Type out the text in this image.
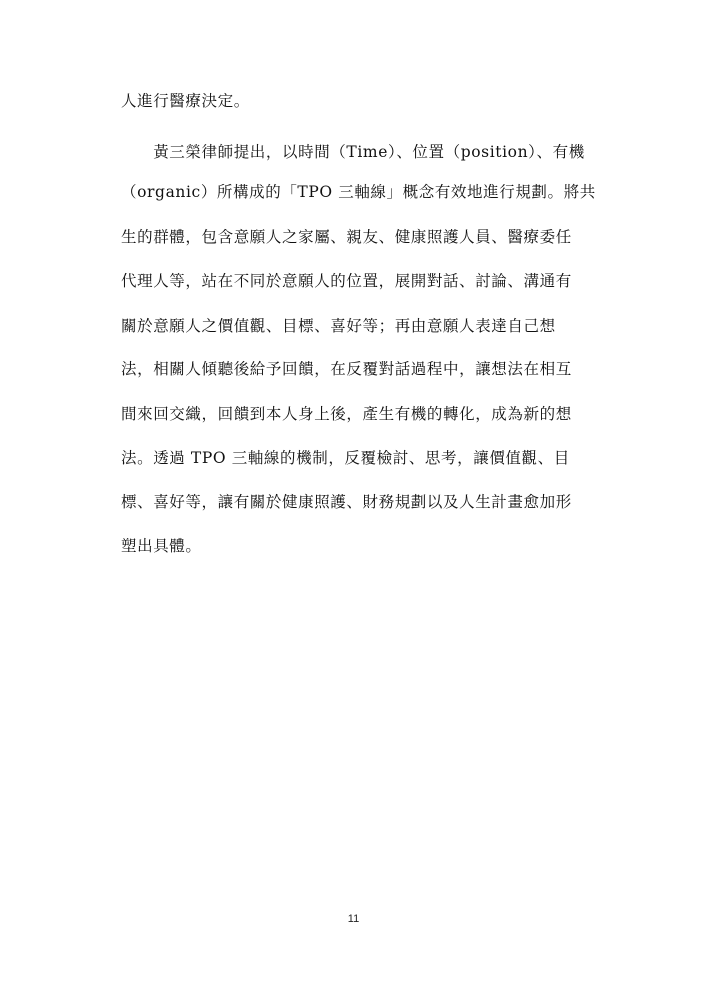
人進行醫療決定。
　　黃三榮律師提出，以時間（Time）、位置（position）、有機
（organic）所構成的「TPO 三軸線」概念有效地進行規劃。將共
生的群體，包含意願人之家屬、親友、健康照護人員、醫療委任
代理人等，站在不同於意願人的位置，展開對話、討論、溝通有
關於意願人之價值觀、目標、喜好等；再由意願人表達自己想
法，相關人傾聽後給予回饋，在反覆對話過程中，讓想法在相互
間來回交織，回饋到本人身上後，產生有機的轉化，成為新的想
法。透過 TPO 三軸線的機制，反覆檢討、思考，讓價值觀、目
標、喜好等，讓有關於健康照護、財務規劃以及人生計畫愈加形
塑出具體。
11
